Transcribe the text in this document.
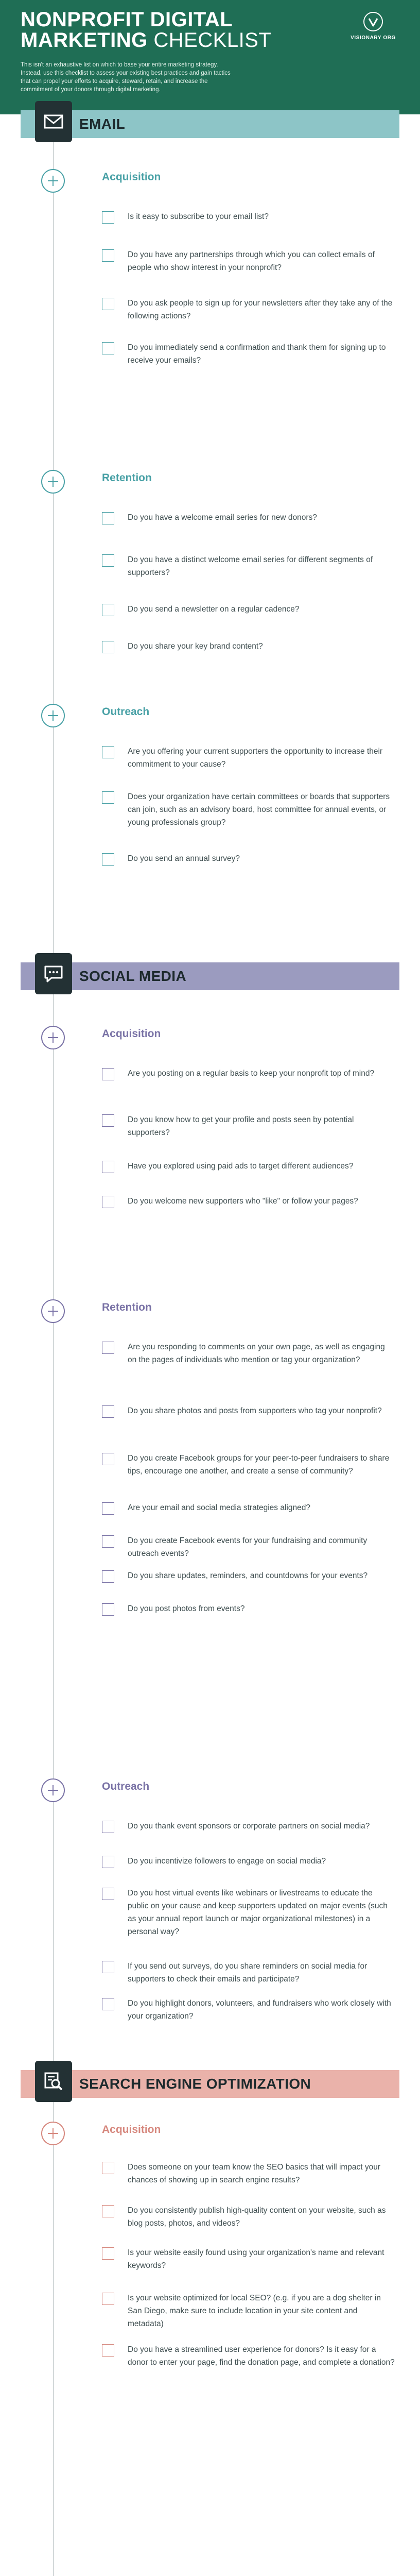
NONPROFIT DIGITAL
MARKETING CHECKLIST
This isn't an exhaustive list on which to base your entire marketing strategy. Instead, use this checklist to assess your existing best practices and gain tactics that can propel your efforts to acquire, steward, retain, and increase the commitment of your donors through digital marketing.
VISIONARY ORG
EMAIL
Acquisition
Is it easy to subscribe to your email list?
Do you have any partnerships through which you can collect emails of people who show interest in your nonprofit?
Do you ask people to sign up for your newsletters after they take any of the following actions?
Do you immediately send a confirmation and thank them for signing up to receive your emails?
Retention
Do you have a welcome email series for new donors?
Do you have a distinct welcome email series for different segments of supporters?
Do you send a newsletter on a regular cadence?
Do you share your key brand content?
Outreach
Are you offering your current supporters the opportunity to increase their commitment to your cause?
Does your organization have certain committees or boards that supporters can join, such as an advisory board, host committee for annual events, or young professionals group?
Do you send an annual survey?
SOCIAL MEDIA
Acquisition
Are you posting on a regular basis to keep your nonprofit top of mind?
Do you know how to get your profile and posts seen by potential supporters?
Have you explored using paid ads to target different audiences?
Do you welcome new supporters who "like" or follow your pages?
Retention
Are you responding to comments on your own page, as well as engaging on the pages of individuals who mention or tag your organization?
Do you share photos and posts from supporters who tag your nonprofit?
Do you create Facebook groups for your peer-to-peer fundraisers to share tips, encourage one another, and create a sense of community?
Are your email and social media strategies aligned?
Do you create Facebook events for your fundraising and community outreach events?
Do you share updates, reminders, and countdowns for your events?
Do you post photos from events?
Outreach
Do you thank event sponsors or corporate partners on social media?
Do you incentivize followers to engage on social media?
Do you host virtual events like webinars or livestreams to educate the public on your cause and keep supporters updated on major events (such as your annual report launch or major organizational milestones) in a personal way?
If you send out surveys, do you share reminders on social media for supporters to check their emails and participate?
Do you highlight donors, volunteers, and fundraisers who work closely with your organization?
SEARCH ENGINE OPTIMIZATION
Acquisition
Does someone on your team know the SEO basics that will impact your chances of showing up in search engine results?
Do you consistently publish high-quality content on your website, such as blog posts, photos, and videos?
Is your website easily found using your organization's name and relevant keywords?
Is your website optimized for local SEO? (e.g. if you are a dog shelter in San Diego, make sure to include location in your site content and metadata)
Do you have a streamlined user experience for donors? Is it easy for a donor to enter your page, find the donation page, and complete a donation?
